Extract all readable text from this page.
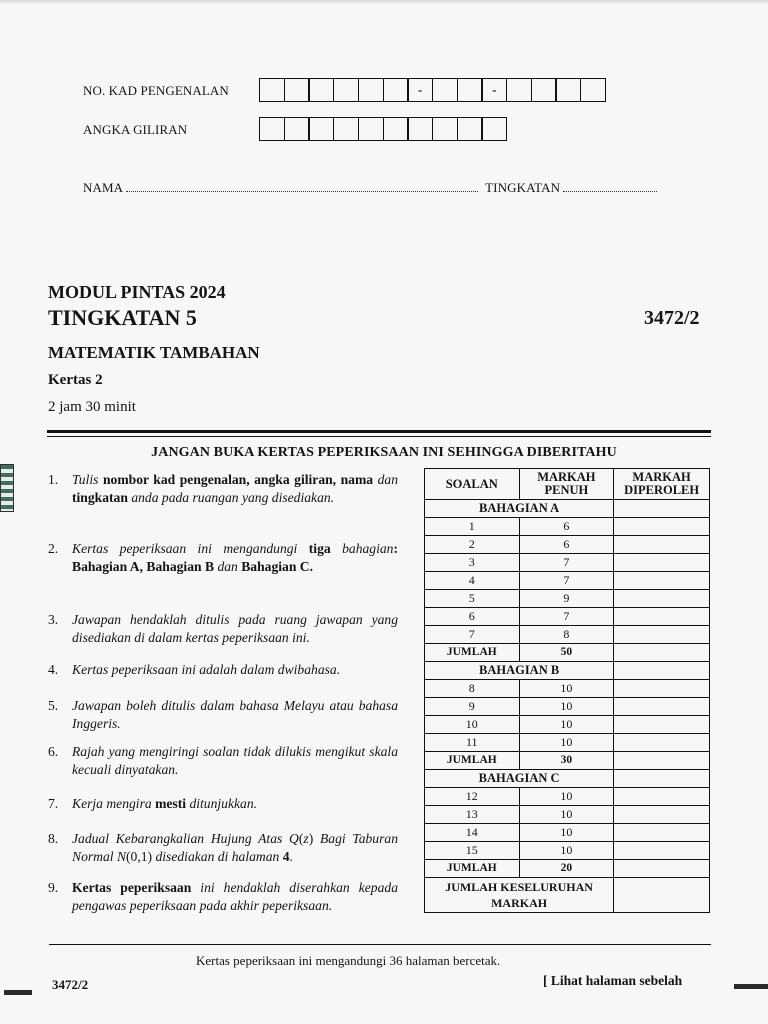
NO. KAD PENGENALAN	-	-
ANGKA GILIRAN
NAMA	TINGKATAN
MODUL PINTAS 2024
TINGKATAN 5	3472/2
MATEMATIK TAMBAHAN
Kertas 2
2 jam 30 minit
JANGAN BUKA KERTAS PEPERIKSAAN INI SEHINGGA DIBERITAHU
1.	Tulis nombor kad pengenalan, angka giliran, nama dan tingkatan anda pada ruangan yang disediakan.
2.	Kertas peperiksaan ini mengandungi tiga bahagian: Bahagian A, Bahagian B dan Bahagian C.
3.	Jawapan hendaklah ditulis pada ruang jawapan yang disediakan di dalam kertas peperiksaan ini.
4.	Kertas peperiksaan ini adalah dalam dwibahasa.
5.	Jawapan boleh ditulis dalam bahasa Melayu atau bahasa Inggeris.
6.	Rajah yang mengiringi soalan tidak dilukis mengikut skala kecuali dinyatakan.
7.	Kerja mengira mesti ditunjukkan.
8.	Jadual Kebarangkalian Hujung Atas Q(z) Bagi Taburan Normal N(0,1) disediakan di halaman 4.
9.	Kertas peperiksaan ini hendaklah diserahkan kepada pengawas peperiksaan pada akhir peperiksaan.
SOALAN	MARKAH PENUH	MARKAH DIPEROLEH
BAHAGIAN A		
1	6	
2	6	
3	7	
4	7	
5	9	
6	7	
7	8	
JUMLAH	50	
BAHAGIAN B		
8	10	
9	10	
10	10	
11	10	
JUMLAH	30	
BAHAGIAN C		
12	10	
13	10	
14	10	
15	10	
JUMLAH	20	
JUMLAH KESELURUHAN MARKAH		
Kertas peperiksaan ini mengandungi 36 halaman bercetak.
3472/2	[ Lihat halaman sebelah
